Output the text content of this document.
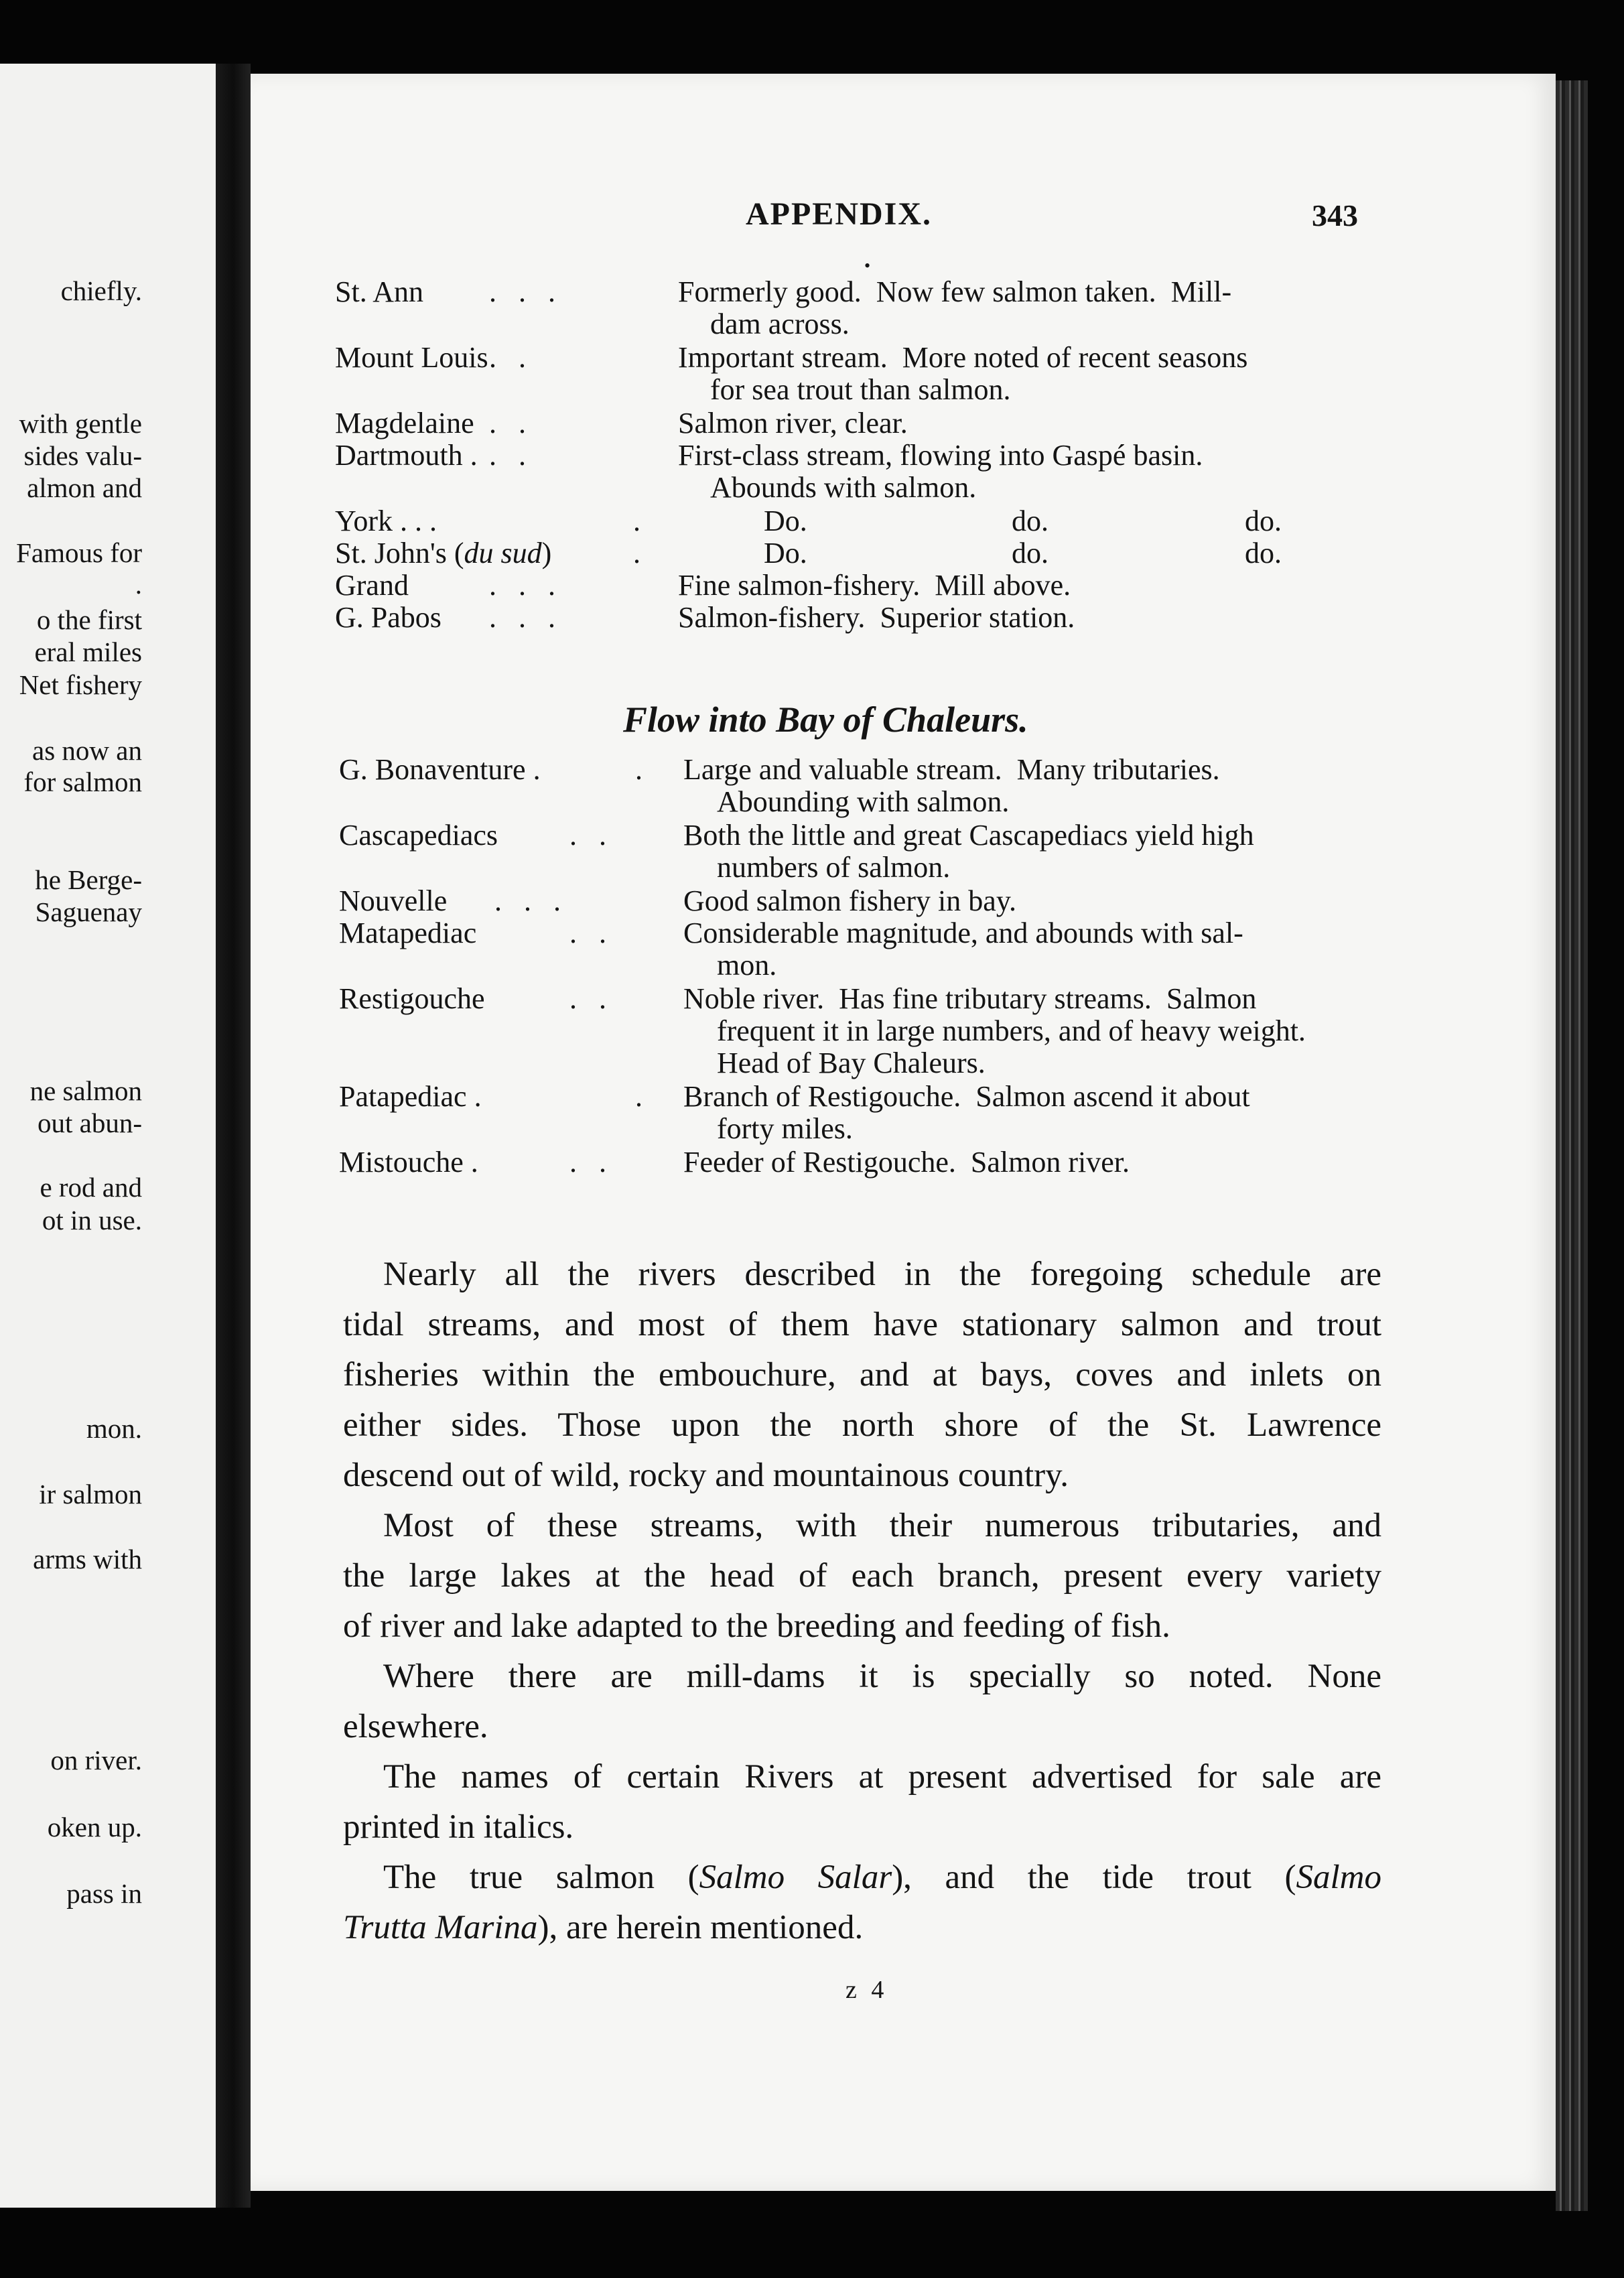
chiefly.
with gentle
sides valu-
almon and
Famous for
.
o the first
eral miles
Net fishery
as now an
for salmon
he Berge-
Saguenay
ne salmon
out abun-
e rod and
ot in use.
mon.
ir salmon
arms with
on river.
oken up.
pass in
APPENDIX.	343
•
St. Ann .   .   .	Formerly good.  Now few salmon taken.  Mill-
dam across.
Mount Louis .   .	Important stream.  More noted of recent seasons
for sea trout than salmon.
Magdelaine .   .	Salmon river, clear.
Dartmouth . .   .	First-class stream, flowing into Gaspé basin.
Abounds with salmon.
York . . .	.	Do.	do.	do.
St. John's (du sud)	.	Do.	do.	do.
Grand	.   .   .	Fine salmon-fishery.  Mill above.
G. Pabos .   .   .	Salmon-fishery.  Superior station.
Flow into Bay of Chaleurs.
G. Bonaventure .	. Large and valuable stream.  Many tributaries.
Abounding with salmon.
Cascapediacs .   .	Both the little and great Cascapediacs yield high
numbers of salmon.
Nouvelle .   .   .	Good salmon fishery in bay.
Matapediac	.   .	Considerable magnitude, and abounds with sal-
mon.
Restigouche	.   .	Noble river.  Has fine tributary streams.  Salmon
frequent it in large numbers, and of heavy weight.
Head of Bay Chaleurs.
Patapediac .	. Branch of Restigouche.  Salmon ascend it about
forty miles.
Mistouche .	.   .	Feeder of Restigouche.  Salmon river.

Nearly all the rivers described in the foregoing schedule are
tidal streams, and most of them have stationary salmon and trout
fisheries within the embouchure, and at bays, coves and inlets on
either sides. Those upon the north shore of the St. Lawrence
descend out of wild, rocky and mountainous country.

Most of these streams, with their numerous tributaries, and
the large lakes at the head of each branch, present every variety
of river and lake adapted to the breeding and feeding of fish.

Where there are mill-dams it is specially so noted. None
elsewhere.

The names of certain Rivers at present advertised for sale are
printed in italics.

The true salmon (Salmo Salar), and the tide trout (Salmo
Trutta Marina), are herein mentioned.

z 4
